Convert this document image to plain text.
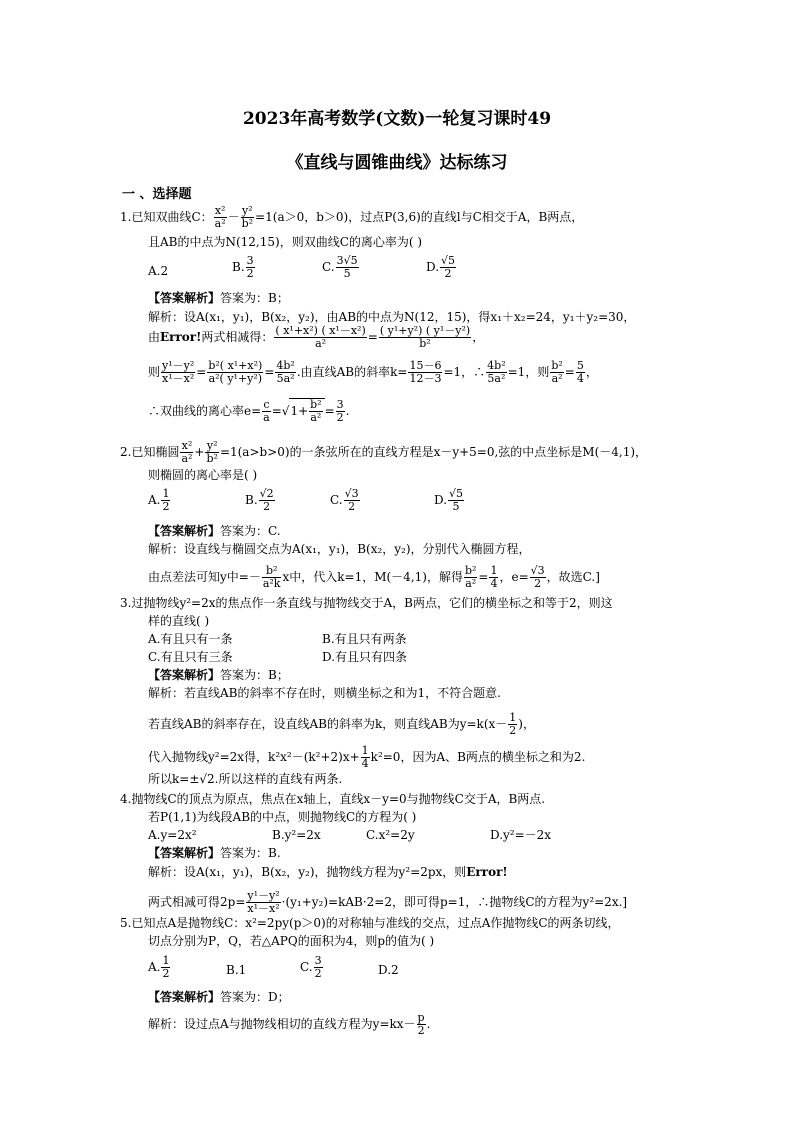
2023年高考数学(文数)一轮复习课时49
《直线与圆锥曲线》达标练习
一 、选择题
1.已知双曲线C： $\frac{\text{x²}}{\text{a²}} - \frac{\text{y²}}{\text{b²}} =1(a>0$，b＞0)，过点P(3,6)的直线l与C相交于A，B两点，
且AB的中点为N(12,15)，则双曲线C的离心率为( )
A.2	B. $\frac{3}{2}$	C. $\frac{3√5}{5}$	D. $\frac{√5}{2}$
【答案解析】答案为：B；
解析：设A(x₁，y₁)，B(x₂，y₂)，由AB的中点为N(12，15)，得x₁＋x₂=24，y₁＋y₂=30，
由Error!两式相减得： $\frac{\text{( x¹+x²) ( x¹－x²)}}{\text{a²}} = \frac{\text{( y¹+y²) ( y¹－y²)}}{\text{b²}}$ ，
则 $\frac{\text{y¹－y²}}{\text{x¹－x²}} = \frac{\text{b²( x¹+x²)}}{\text{a²( y¹+y²)}} = \frac{\text{4b²}}{\text{5a²}}$ .由直线AB的斜率$k= \frac{15-6}{12-3} =1$，∴ $\frac{\text{4b²}}{\text{5a²}} =1$，则 $\frac{\text{b²}}{\text{a²}} = \frac{5}{4}$ ，
∴双曲线的离心率$e= \frac{c}{a} =√1+ \frac{\text{b²}}{\text{a²}} = \frac{3}{2}$ .
2.已知椭圆 $\frac{\text{x²}}{\text{a²}} + \frac{\text{y²}}{\text{b²}} =1(a>b>0)$的一条弦所在的直线方程是x－y+5=0,弦的中点坐标是M(－4,1)，
则椭圆的离心率是( )
A. $\frac{1}{2}$	B. $\frac{√2}{2}$	C. $\frac{√3}{2}$	D. $\frac{√5}{5}$
【答案解析】答案为：C.
解析：设直线与椭圆交点为A(x₁，y₁)，B(x₂，y₂)，分别代入椭圆方程，
由点差法可知y中=－ $\frac{\text{b²}}{\text{a²k}}$ x中，代入k=1，M(－4,1)，解得 $\frac{\text{b²}}{\text{a²}} = \frac{1}{4}$ ，$e= \frac{√3}{2}$ ，故选C.]
3.过抛物线y²=2x的焦点作一条直线与抛物线交于A，B两点，它们的横坐标之和等于2，则这
样的直线( )
A.有且只有一条	B.有且只有两条
C.有且只有三条	D.有且只有四条
【答案解析】答案为：B；
解析：若直线AB的斜率不存在时，则横坐标之和为1，不符合题意.
若直线AB的斜率存在，设直线AB的斜率为k，则直线AB为$y=k(x- \frac{1}{2}$ )，
代入抛物线y²=2x得，$k^2x^2-(k^2+2)x+ \frac{1}{4} k^2=0$，因为A、B两点的横坐标之和为2.
所以k=±√2.所以这样的直线有两条.
4.抛物线C的顶点为原点，焦点在x轴上，直线x－y=0与抛物线C交于A，B两点.
若P(1,1)为线段AB的中点，则抛物线C的方程为( )
A.y=2x²	B.y²=2x	C.x²=2y	D.y²=－2x
【答案解析】答案为：B.
解析：设A(x₁，y₁)，B(x₂，y₂)，抛物线方程为y²=2px，则Error!
两式相减可得$2p= \frac{\text{y¹－y²}}{\text{x¹－x²}} \cdot(y_1+y_2)=kAB\cdot 2=2$，即可得p=1，∴抛物线C的方程为y²=2x.]
5.已知点A是抛物线C：x²=2py(p＞0)的对称轴与准线的交点，过点A作抛物线C的两条切线，
切点分别为P，Q，若△APQ的面积为4，则p的值为( )
A. $\frac{1}{2}$	B.1	C. $\frac{3}{2}$	D.2
【答案解析】答案为：D；
解析：设过点A与抛物线相切的直线方程为$y=kx- \frac{p}{2}$ .
